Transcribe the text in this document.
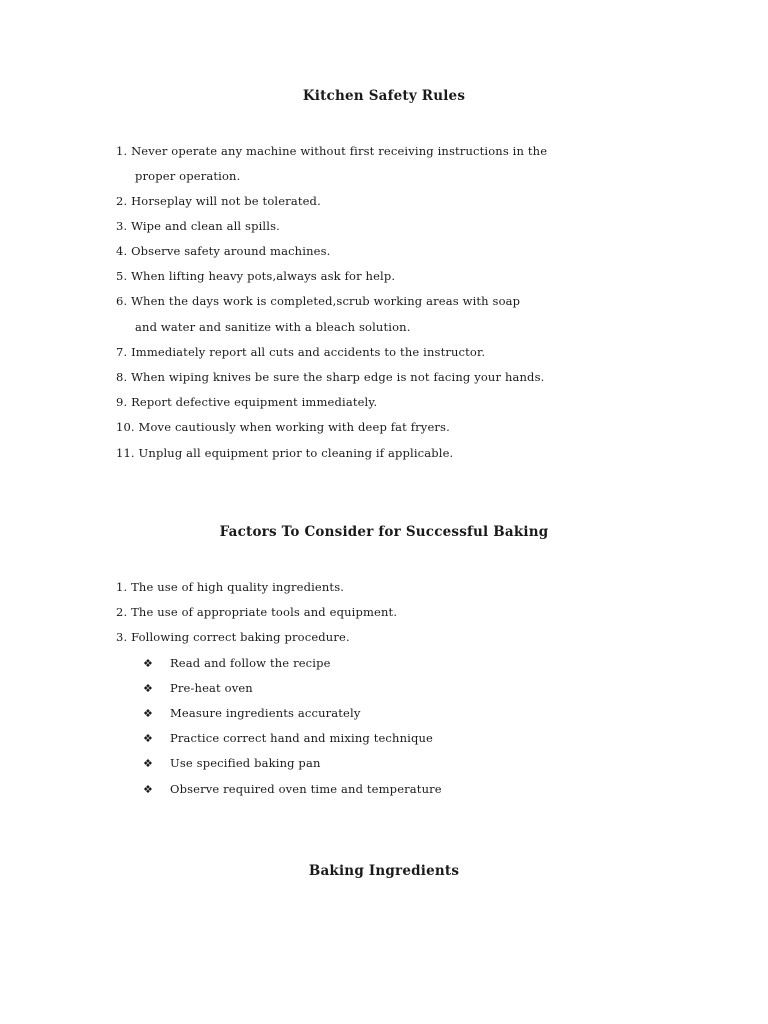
Kitchen Safety Rules
1. Never operate any machine without first receiving instructions in the
proper operation.
2. Horseplay will not be tolerated.
3. Wipe and clean all spills.
4. Observe safety around machines.
5. When lifting heavy pots,always ask for help.
6. When the days work is completed,scrub working areas with soap
and water and sanitize with a bleach solution.
7. Immediately report all cuts and accidents to the instructor.
8. When wiping knives be sure the sharp edge is not facing your hands.
9. Report defective equipment immediately.
10. Move cautiously when working with deep fat fryers.
11. Unplug all equipment prior to cleaning if applicable.
Factors To Consider for Successful Baking
1. The use of high quality ingredients.
2. The use of appropriate tools and equipment.
3. Following correct baking procedure.
❖ Read and follow the recipe
❖ Pre-heat oven
❖ Measure ingredients accurately
❖ Practice correct hand and mixing technique
❖ Use specified baking pan
❖ Observe required oven time and temperature
Baking Ingredients
